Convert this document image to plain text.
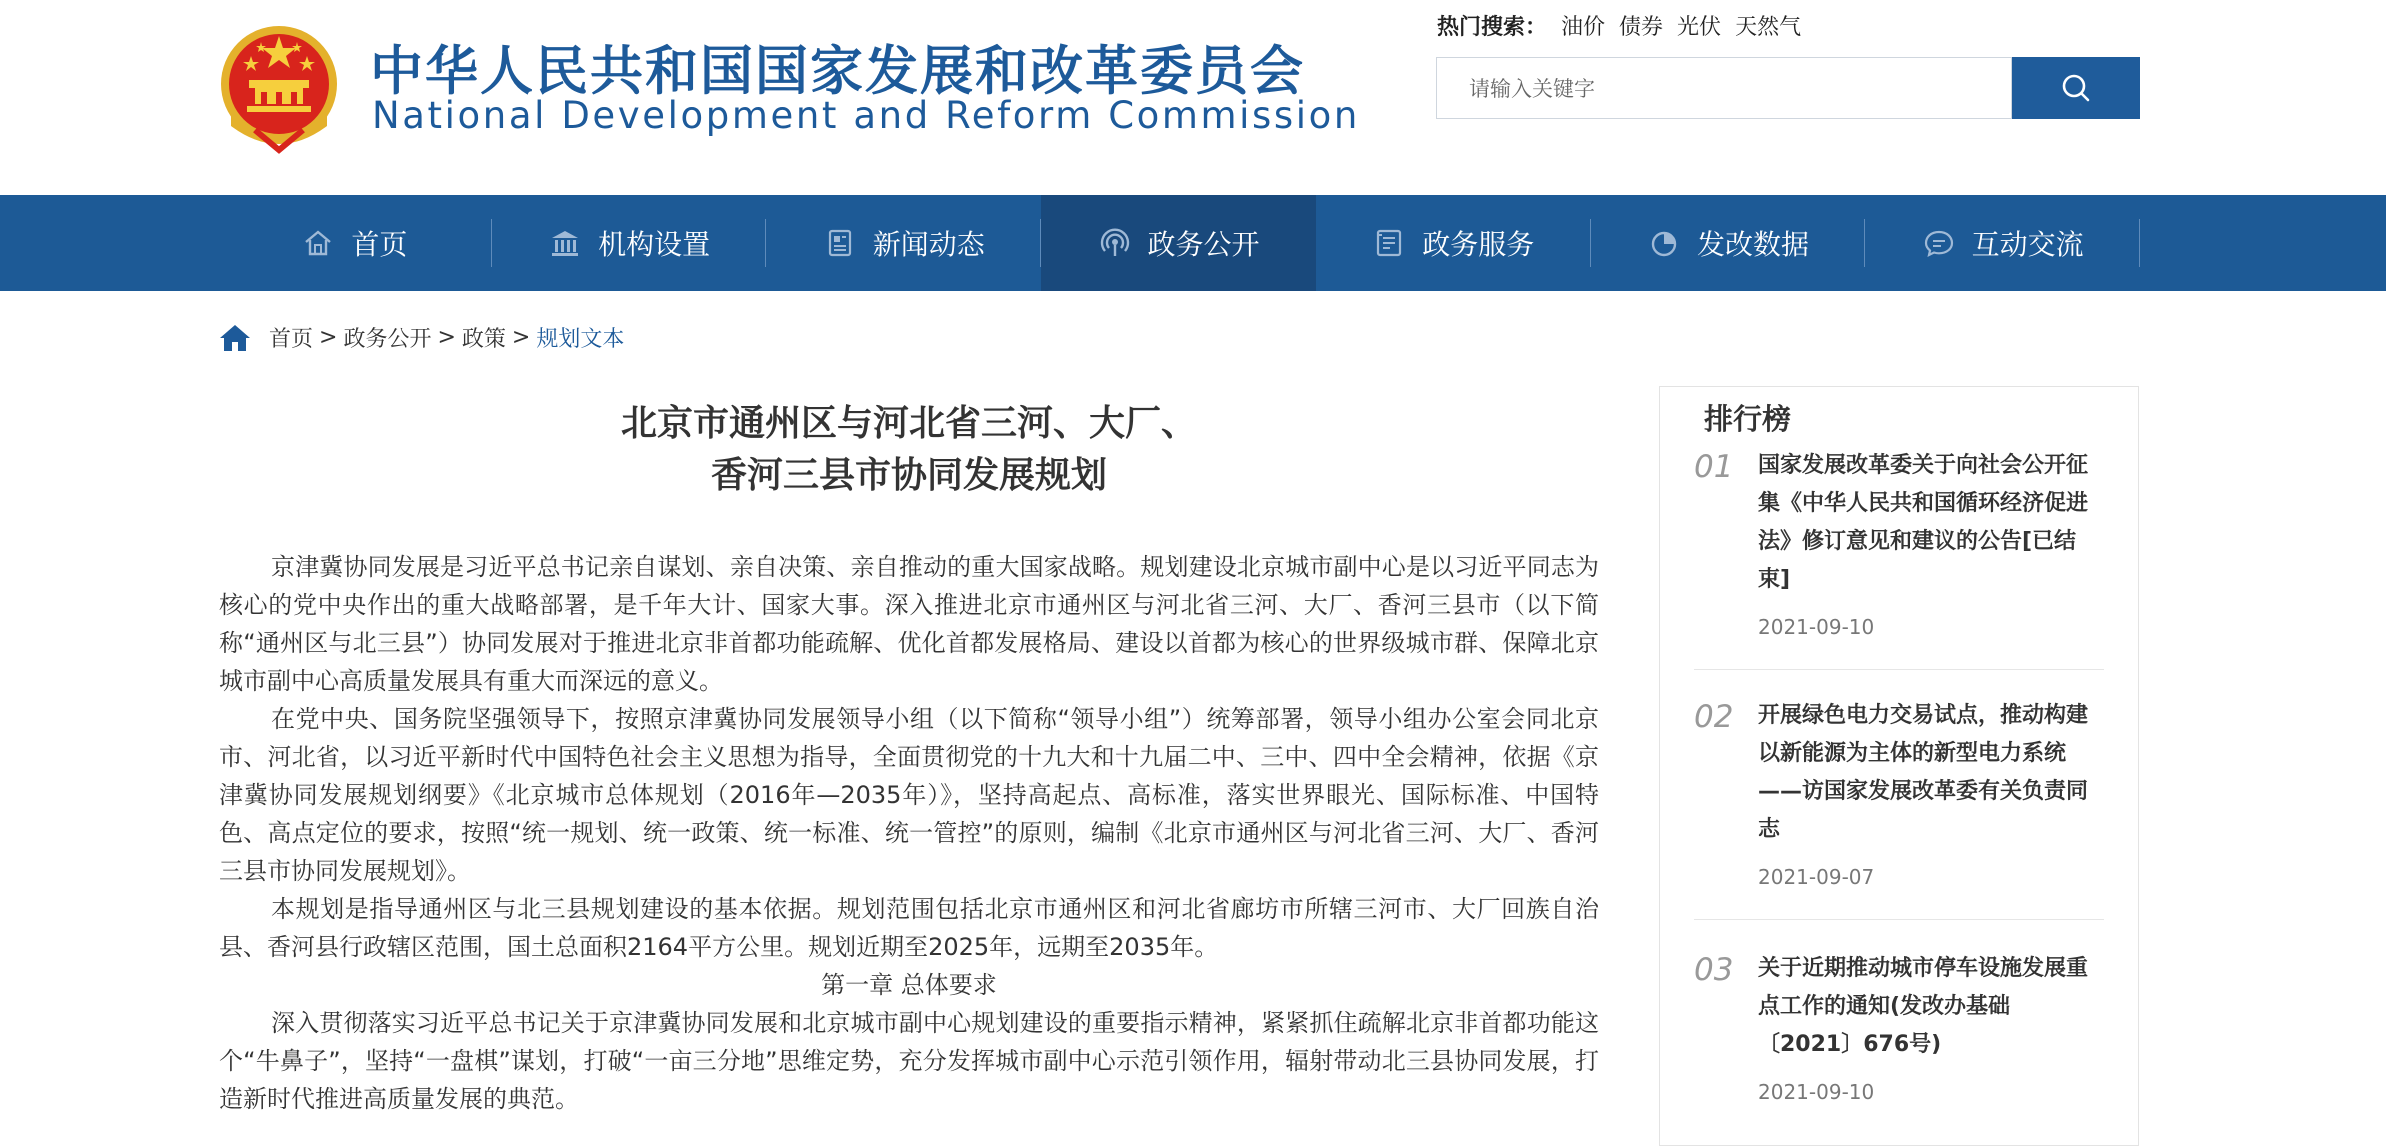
中华人民共和国国家发展和改革委员会
National Development and Reform Commission
热门搜索： 油价 债券 光伏 天然气
请输入关键字
首页	机构设置	新闻动态	政务公开	政务服务	发改数据	互动交流
首页 > 政务公开 > 政策 > 规划文本
北京市通州区与河北省三河、大厂、
香河三县市协同发展规划

京津冀协同发展是习近平总书记亲自谋划、亲自决策、亲自推动的重大国家战略。规划建设北京城市副中心是以习近平同志为核心的党中央作出的重大战略部署，是千年大计、国家大事。深入推进北京市通州区与河北省三河、大厂、香河三县市（以下简称“通州区与北三县”）协同发展对于推进北京非首都功能疏解、优化首都发展格局、建设以首都为核心的世界级城市群、保障北京城市副中心高质量发展具有重大而深远的意义。

在党中央、国务院坚强领导下，按照京津冀协同发展领导小组（以下简称“领导小组”）统筹部署，领导小组办公室会同北京市、河北省，以习近平新时代中国特色社会主义思想为指导，全面贯彻党的十九大和十九届二中、三中、四中全会精神，依据《京津冀协同发展规划纲要》《北京城市总体规划（2016年—2035年）》，坚持高起点、高标准，落实世界眼光、国际标准、中国特色、高点定位的要求，按照“统一规划、统一政策、统一标准、统一管控”的原则，编制《北京市通州区与河北省三河、大厂、香河三县市协同发展规划》。

本规划是指导通州区与北三县规划建设的基本依据。规划范围包括北京市通州区和河北省廊坊市所辖三河市、大厂回族自治县、香河县行政辖区范围，国土总面积2164平方公里。规划近期至2025年，远期至2035年。

第一章 总体要求

深入贯彻落实习近平总书记关于京津冀协同发展和北京城市副中心规划建设的重要指示精神，紧紧抓住疏解北京非首都功能这个“牛鼻子”，坚持“一盘棋”谋划，打破“一亩三分地”思维定势，充分发挥城市副中心示范引领作用，辐射带动北三县协同发展，打造新时代推进高质量发展的典范。

排行榜
01 国家发展改革委关于向社会公开征集《中华人民共和国循环经济促进法》修订意见和建议的公告[已结束]
2021-09-10
02 开展绿色电力交易试点，推动构建以新能源为主体的新型电力系统——访国家发展改革委有关负责同志
2021-09-07
03 关于近期推动城市停车设施发展重点工作的通知(发改办基础〔2021〕676号)
2021-09-10
